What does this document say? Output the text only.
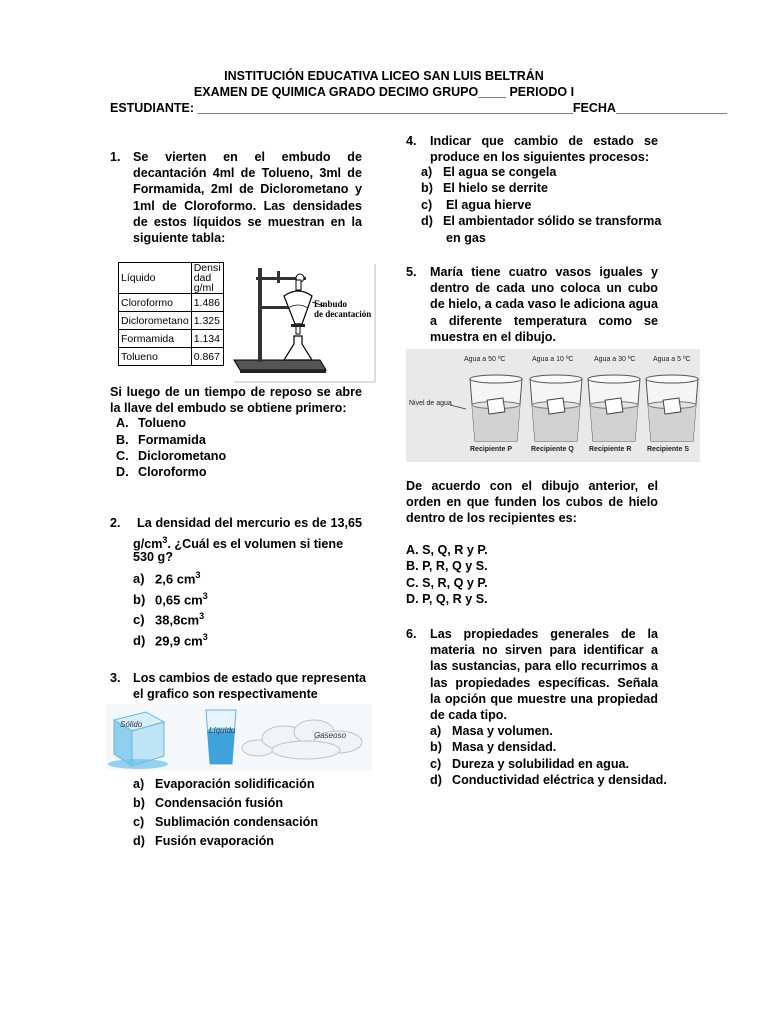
INSTITUCIÓN EDUCATIVA LICEO SAN LUIS BELTRÁN
EXAMEN DE QUIMICA GRADO DECIMO GRUPO____ PERIODO I
ESTUDIANTE: ______________________________________________________FECHA________________
1. Se vierten en el embudo de decantación 4ml de Tolueno, 3ml de Formamida, 2ml de Diclorometano y 1ml de Cloroformo. Las densidades de estos líquidos se muestran en la siguiente tabla:
Líquido	Densi
dad
g/ml

Cloroformo	1.486
Diclorometano	1.325
Formamida	1.134
Tolueno	0.867
Embudo
de decantación
Si luego de un tiempo de reposo se abre la llave del embudo se obtiene primero:
A. Tolueno
B. Formamida
C. Diclorometano
D. Cloroformo
2. La densidad del mercurio es de 13,65
$g/cm^3$. ¿Cuál es el volumen si tiene
530 g?
a) 2,6 $cm^3$
b) 0,65 $cm^3$
c) $38,8cm^3$
d) 29,9 $cm^3$
3. Los cambios de estado que representa
el grafico son respectivamente
Sólido
Líquido
Gaseoso
a) Evaporación solidificación
b) Condensación fusión
c) Sublimación condensación
d) Fusión evaporación
4. Indicar que cambio de estado se
produce en los siguientes procesos:
a) El agua se congela
b) El hielo se derrite
c) El agua hierve
d) El ambientador sólido se transforma
en gas
5. María tiene cuatro vasos iguales y dentro de cada uno coloca un cubo de hielo, a cada vaso le adiciona agua a diferente temperatura como se muestra en el dibujo.
Nivel de agua
Agua a 50 ºC	Agua a 10 ºC	Agua a 30 ºC	Agua a 5 ºC
Recipiente P	Recipiente Q Recipiente R Recipiente S
De acuerdo con el dibujo anterior, el orden en que funden los cubos de hielo dentro de los recipientes es:
A. S, Q, R y P.
B. P, R, Q y S.
C. S, R, Q y P.
D. P, Q, R y S.
6. Las propiedades generales de la materia no sirven para identificar a las sustancias, para ello recurrimos a las propiedades específicas. Señala la opción que muestre una propiedad de cada tipo.
a) Masa y volumen.
b) Masa y densidad.
c) Dureza y solubilidad en agua.
d) Conductividad eléctrica y densidad.
